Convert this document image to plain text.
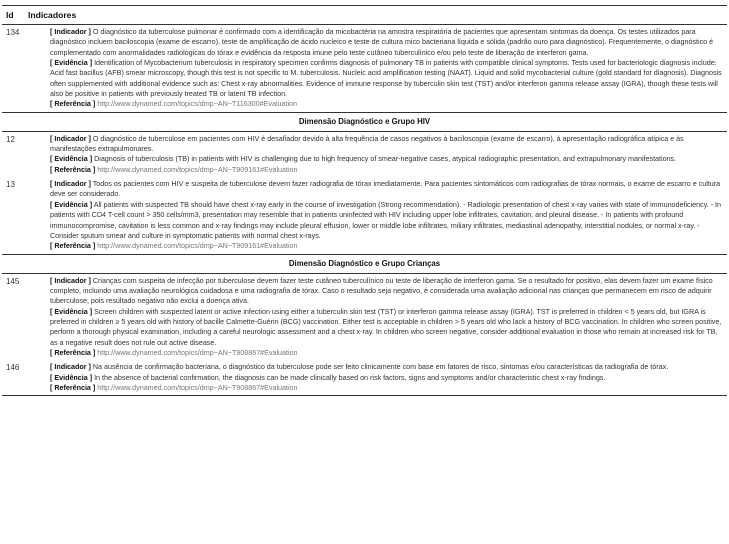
Id Indicadores
134	[ Indicador ] O diagnóstico da tuberculose pulmonar é confirmado com a identificação da micobactéria na amostra respiratória de pacientes que apresentam sintomas da doença. Os testes utilizados para diagnóstico incluem baciloscopia (exame de escarro), teste de amplificação de ácido nucleico e teste de cultura mico bacteriana líquida e sólida (padrão ouro para diagnóstico). Frequentemente, o diagnóstico é complementado com anormalidades radiológicas do tórax e evidência da resposta imune pelo teste cutâneo tuberculínico e/ou pelo teste de liberação de interferon gama.

[ Evidência ] Identification of Mycobacterium tuberculosis in respiratory specimen confirms diagnosis of pulmonary TB in patients with compatible clinical symptoms. Tests used for bacteriologic diagnosis include: Acid fast bacillus (AFB) smear microscopy, though this test is not specific to M. tuberculosis. Nucleic acid amplification testing (NAAT). Liquid and solid mycobacterial culture (gold standard for diagnosis). Diagnosis often supplemented with additional evidence such as: Chest x-ray abnormalities. Evidence of immune response by tuberculin skin test (TST) and/or interferon gamma release assay (IGRA), though these tests will also be positive in patients with previously treated TB or latent TB infection.

[ Referência ] http://www.dynamed.com/topics/dmp~AN~T116300#Evaluation

Dimensão Diagnóstico e Grupo HIV
12	[ Indicador ] O diagnóstico de tuberculose em pacientes com HIV é desafiador devido à alta frequência de casos negativos à baciloscopia (exame de escarro), à apresentação radiográfica atípica e às manifestações extrapulmonares.

[ Evidência ] Diagnosis of tuberculosis (TB) in patients with HIV is challenging due to high frequency of smear-negative cases, atypical radiographic presentation, and extrapulmonary manifestations.

[ Referência ] http://www.dynamed.com/topics/dmp~AN~T909161#Evaluation

13	[ Indicador ] Todos os pacientes com HIV e suspeita de tuberculose devem fazer radiografia de tórax imediatamente. Para pacientes sintomáticos com radiografias de tórax normais, o exame de escarro e cultura deve ser considerado.

[ Evidência ] All patients with suspected TB should have chest x-ray early in the course of investigation (Strong recommendation). - Radiologic presentation of chest x-ray varies with state of immunodeficiency. - In patients with CD4 T-cell count > 350 cells/mm3, presentation may resemble that in patients uninfected with HIV including upper lobe infiltrates, cavitation, and pleural disease. - In patients with profound immunocompromise, cavitation is less common and x-ray findings may include pleural effusion, lower or middle lobe infiltrates, miliary infiltrates, mediastinal adenopathy, interstitial nodules, or normal x-ray. - Consider sputum smear and culture in symptomatic patients with normal chest x-rays.

[ Referência ] http://www.dynamed.com/topics/dmp~AN~T909161#Evaluation

Dimensão Diagnóstico e Grupo Crianças
145	[ Indicador ] Crianças com suspeita de infecção por tuberculose devem fazer teste cutâneo tuberculínico ou teste de liberação de interferon gama. Se o resultado for positivo, elas devem fazer um exame físico completo, incluindo uma avaliação neurológica cuidadosa e uma radiografia de tórax. Caso o resultado seja negativo, é considerada uma avaliação adicional nas crianças que permanecem em risco de adquirir tuberculose, pois resultado negativo não exclui a doença ativa.

[ Evidência ] Screen children with suspected latent or active infection using either a tuberculin skin test (TST) or interferon gamma release assay (IGRA). TST is preferred in children < 5 years old, but IGRA is preferred in children ≥ 5 years old with history of bacille Calmette-Guérin (BCG) vaccination. Either test is acceptable in children > 5 years old who lack a history of BCG vaccination. In children who screen positive, perform a thorough physical examination, including a careful neurologic assessment and a chest x-ray. In children who screen negative, consider additional evaluation in those who remain at increased risk for TB, as a negative result does not rule out active disease.

[ Referência ] http://www.dynamed.com/topics/dmp~AN~T908867#Evaluation

146	[ Indicador ] Na ausência de confirmação bacteriana, o diagnóstico da tuberculose pode ser feito clinicamente com base em fatores de risco, sintomas e/ou características da radiografia de tórax.

[ Evidência ] In the absence of bacterial confirmation, the diagnosis can be made clinically based on risk factors, signs and symptoms and/or characteristic chest x-ray findings.

[ Referência ] http://www.dynamed.com/topics/dmp~AN~T908867#Evaluation
